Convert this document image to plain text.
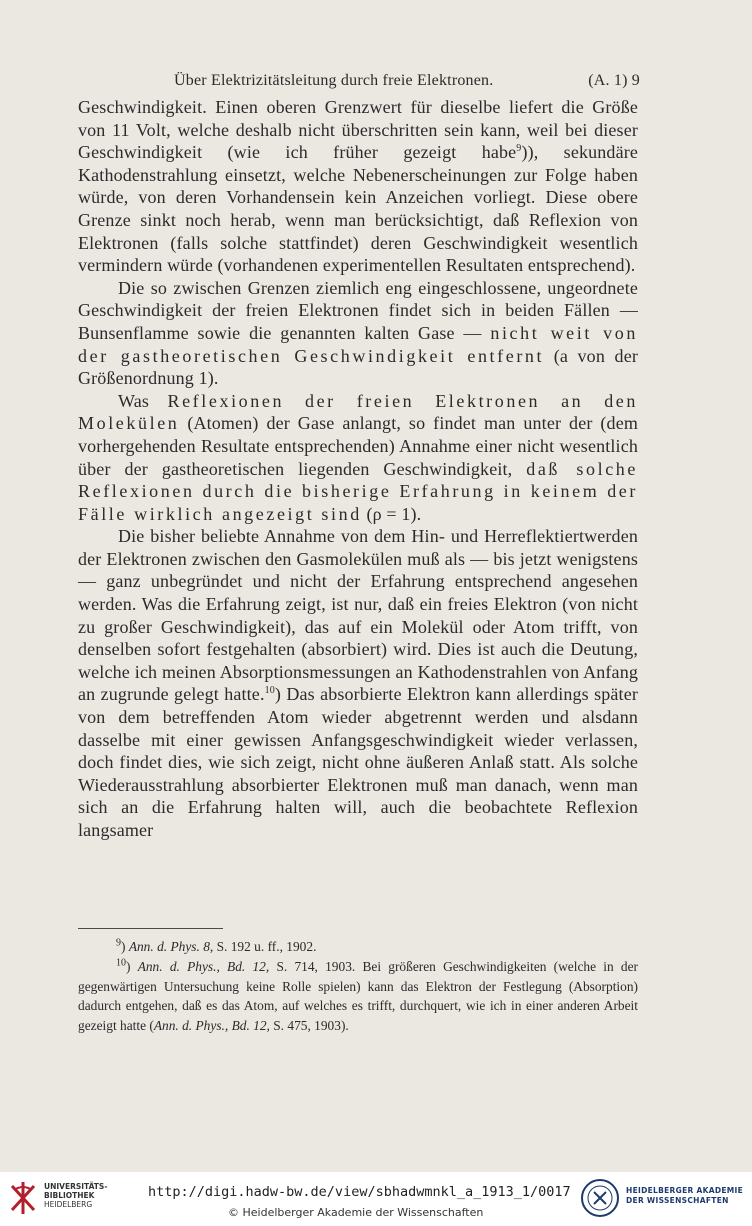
Über Elektrizitätsleitung durch freie Elektronen.	(A. 1) 9

Geschwindigkeit. Einen oberen Grenzwert für dieselbe liefert die Größe von 11 Volt, welche deshalb nicht überschritten sein kann, weil bei dieser Geschwindigkeit (wie ich früher gezeigt habe$^9$)), sekundäre Kathodenstrahlung einsetzt, welche Nebenerscheinungen zur Folge haben würde, von deren Vorhandensein kein Anzeichen vorliegt. Diese obere Grenze sinkt noch herab, wenn man berücksichtigt, daß Reflexion von Elektronen (falls solche stattfindet) deren Geschwindigkeit wesentlich vermindern würde (vorhandenen experimentellen Resultaten entsprechend).

Die so zwischen Grenzen ziemlich eng eingeschlossene, ungeordnete Geschwindigkeit der freien Elektronen findet sich in beiden Fällen — Bunsenflamme sowie die genannten kalten Gase — nicht weit von der gastheoretischen Geschwindigkeit entfernt (a von der Größenordnung 1).

Was Reflexionen der freien Elektronen an den Molekülen (Atomen) der Gase anlangt, so findet man unter der (dem vorhergehenden Resultate entsprechenden) Annahme einer nicht wesentlich über der gastheoretischen liegenden Geschwindigkeit, daß solche Reflexionen durch die bisherige Erfahrung in keinem der Fälle wirklich angezeigt sind (ρ = 1).

Die bisher beliebte Annahme von dem Hin- und Herreflektiertwerden der Elektronen zwischen den Gasmolekülen muß als — bis jetzt wenigstens — ganz unbegründet und nicht der Erfahrung entsprechend angesehen werden. Was die Erfahrung zeigt, ist nur, daß ein freies Elektron (von nicht zu großer Geschwindigkeit), das auf ein Molekül oder Atom trifft, von denselben sofort festgehalten (absorbiert) wird. Dies ist auch die Deutung, welche ich meinen Absorptionsmessungen an Kathodenstrahlen von Anfang an zugrunde gelegt hatte.$^{10}$) Das absorbierte Elektron kann allerdings später von dem betreffenden Atom wieder abgetrennt werden und alsdann dasselbe mit einer gewissen Anfangsgeschwindigkeit wieder verlassen, doch findet dies, wie sich zeigt, nicht ohne äußeren Anlaß statt. Als solche Wiederausstrahlung absorbierter Elektronen muß man danach, wenn man sich an die Erfahrung halten will, auch die beobachtete Reflexion langsamer

$^9$) Ann. d. Phys. 8, S. 192 u. ff., 1902.

$^{10}$) Ann. d. Phys., Bd. 12, S. 714, 1903. Bei größeren Geschwindigkeiten (welche in der gegenwärtigen Untersuchung keine Rolle spielen) kann das Elektron der Festlegung (Absorption) dadurch entgehen, daß es das Atom, auf welches es trifft, durchquert, wie ich in einer anderen Arbeit gezeigt hatte (Ann. d. Phys., Bd. 12, S. 475, 1903).

UNIVERSITÄTS-
BIBLIOTHEK
HEIDELBERG
http://digi.hadw-bw.de/view/sbhadwmnkl_a_1913_1/0017
© Heidelberger Akademie der Wissenschaften
HEIDELBERGER AKADEMIE
DER WISSENSCHAFTEN
